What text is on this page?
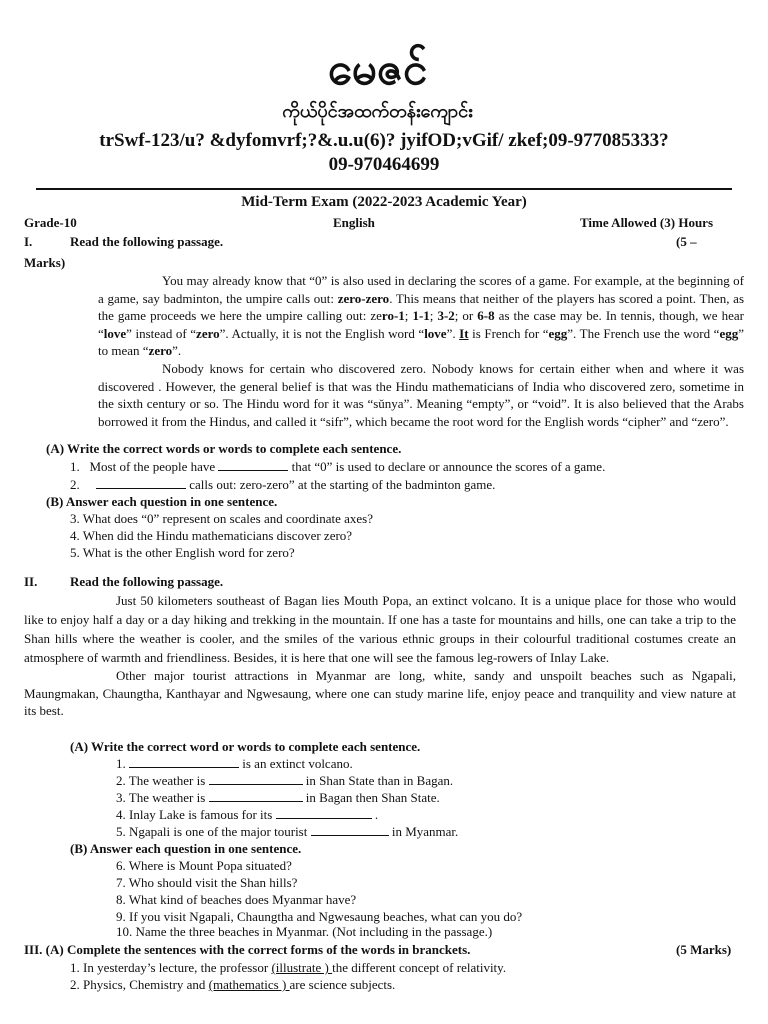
မေဇင်
ကိုယ်ပိုင်အထက်တန်းကျောင်း
trSwf-123/u? &dyfomvrf;?&.u.u(6)? jyifOD;vGif/ zkef;09-977085333?
09-970464699
Mid-Term Exam (2022-2023 Academic Year)
Grade-10	English	Time Allowed (3) Hours
I.	Read the following passage.	(5 –
Marks)

You may already know that “0” is also used in declaring the scores of a game. For example, at the beginning of a game, say badminton, the umpire calls out: zero-zero. This means that neither of the players has scored a point. Then, as the game proceeds we here the umpire calling out: zero-1; 1-1; 3-2; or 6-8 as the case may be. In tennis, though, we hear “love” instead of “zero”. Actually, it is not the English word “love”. It is French for “egg”. The French use the word “egg” to mean “zero”.

Nobody knows for certain who discovered zero. Nobody knows for certain either when and where it was discovered . However, the general belief is that was the Hindu mathematicians of India who discovered zero, sometime in the sixth century or so. The Hindu word for it was “sǔnya”. Meaning “empty”, or “void”. It is also believed that the Arabs borrowed it from the Hindus, and called it “sifr”, which became the root word for the English words “cipher” and “zero”.

(A) Write the correct words or words to complete each sentence.
1. Most of the people have	that “0” is used to declare or announce the scores of a game.
2.	calls out: zero-zero” at the starting of the badminton game.
(B) Answer each question in one sentence.
3. What does “0” represent on scales and coordinate axes?
4. When did the Hindu mathematicians discover zero?
5. What is the other English word for zero?
II.	Read the following passage.

Just 50 kilometers southeast of Bagan lies Mouth Popa, an extinct volcano. It is a unique place for those who would like to enjoy half a day or a day hiking and trekking in the mountain. If one has a taste for mountains and hills, one can take a trip to the Shan hills where the weather is cooler, and the smiles of the various ethnic groups in their colourful traditional costumes create an atmosphere of warmth and friendliness. Besides, it is here that one will see the famous leg-rowers of Inlay Lake.

Other major tourist attractions in Myanmar are long, white, sandy and unspoilt beaches such as Ngapali, Maungmakan, Chaungtha, Kanthayar and Ngwesaung, where one can study marine life, enjoy peace and tranquility and view nature at its best.

(A) Write the correct word or words to complete each sentence.
1.	is an extinct volcano.
2. The weather is	in Shan State than in Bagan.
3. The weather is	in Bagan then Shan State.
4. Inlay Lake is famous for its	.
5. Ngapali is one of the major tourist	in Myanmar.
(B) Answer each question in one sentence.
6. Where is Mount Popa situated?
7. Who should visit the Shan hills?
8. What kind of beaches does Myanmar have?
9. If you visit Ngapali, Chaungtha and Ngwesaung beaches, what can you do?
10. Name the three beaches in Myanmar. (Not including in the passage.)
III. (A) Complete the sentences with the correct forms of the words in branckets.	(5 Marks)
1. In yesterday’s lecture, the professor (illustrate ) the different concept of relativity.
2. Physics, Chemistry and (mathematics ) are science subjects.
